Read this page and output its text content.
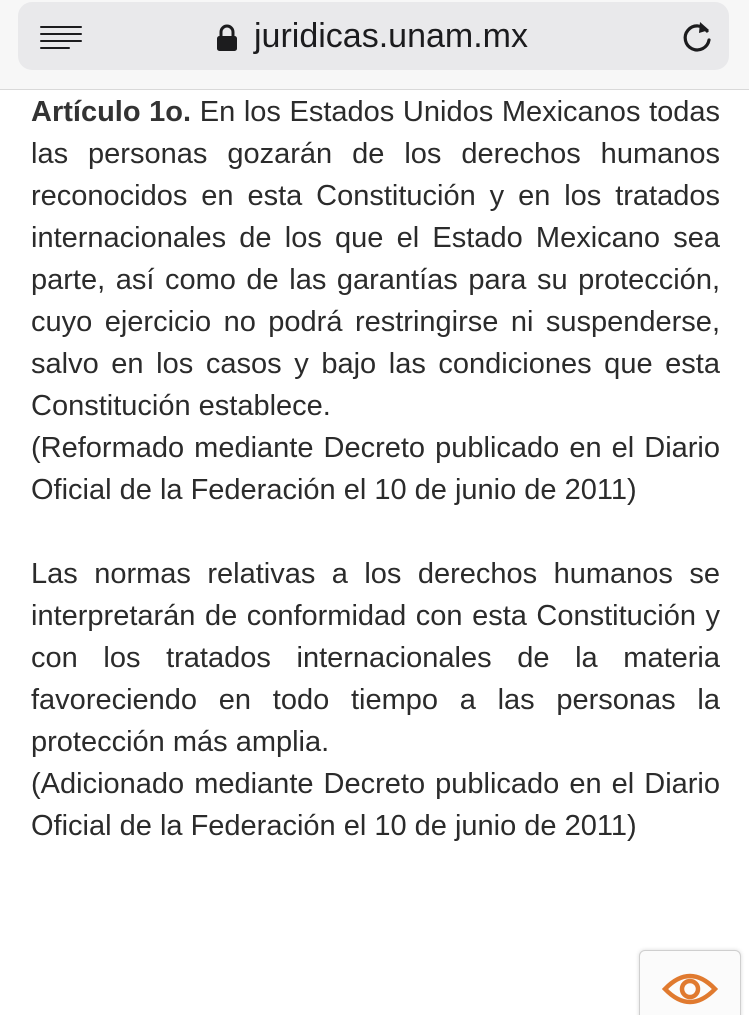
juridicas.unam.mx

Artículo 1o. En los Estados Unidos Mexicanos todas las personas gozarán de los derechos humanos reconocidos en esta Constitución y en los tratados internacionales de los que el Estado Mexicano sea parte, así como de las garantías para su protección, cuyo ejercicio no podrá restringirse ni suspenderse, salvo en los casos y bajo las condiciones que esta Constitución establece.

(Reformado mediante Decreto publicado en el Diario Oficial de la Federación el 10 de junio de 2011)

Las normas relativas a los derechos humanos se interpretarán de conformidad con esta Constitución y con los tratados internacionales de la materia favoreciendo en todo tiempo a las personas la protección más amplia.

(Adicionado mediante Decreto publicado en el Diario Oficial de la Federación el 10 de junio de 2011)
